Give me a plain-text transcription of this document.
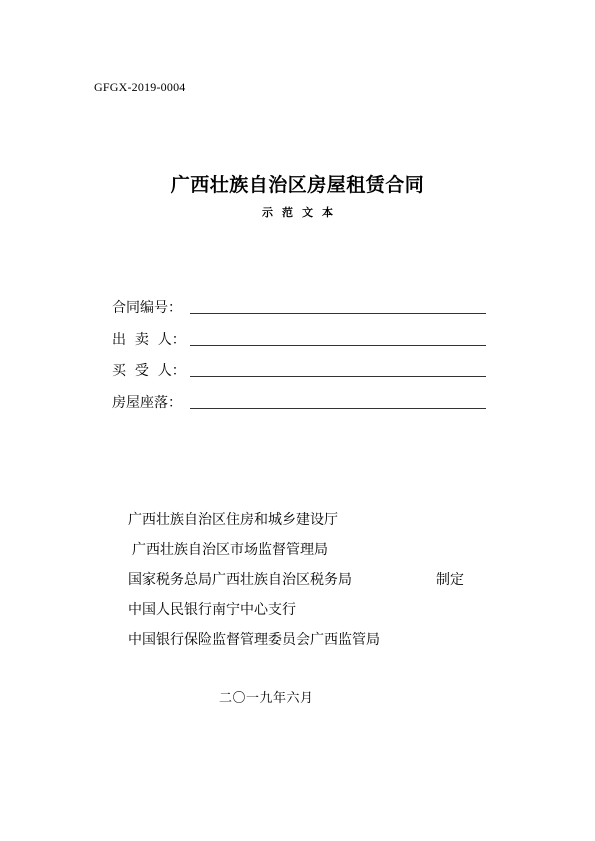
GFGX-2019-0004
广西壮族自治区房屋租赁合同
示范文本
合同编号：
出  卖  人：
买  受  人：
房屋座落：
广西壮族自治区住房和城乡建设厅
广西壮族自治区市场监督管理局
国家税务总局广西壮族自治区税务局
中国人民银行南宁中心支行
中国银行保险监督管理委员会广西监管局
制定
二〇一九年六月
